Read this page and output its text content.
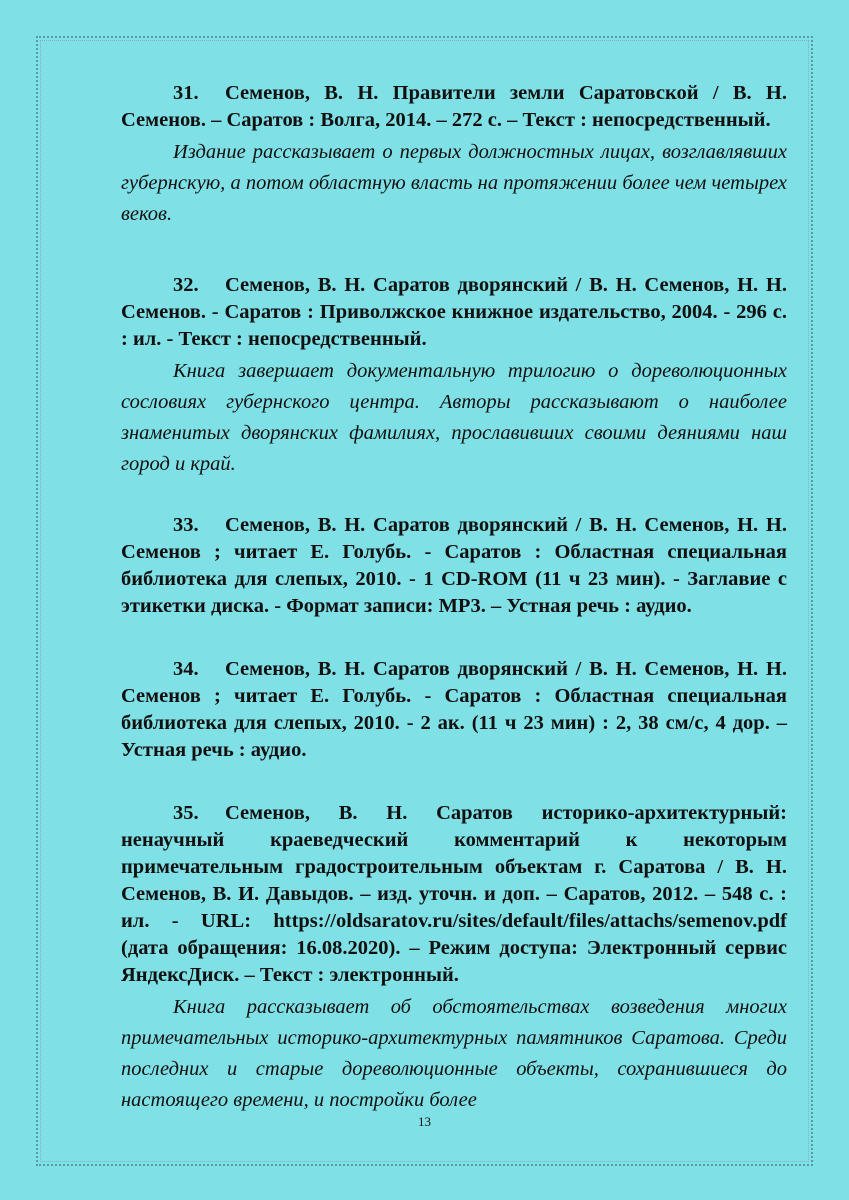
31. Семенов, В. Н. Правители земли Саратовской / В. Н. Семенов. – Саратов : Волга, 2014. – 272 с. – Текст : непосредственный.

Издание рассказывает о первых должностных лицах, возглавлявших губернскую, а потом областную власть на протяжении более чем четырех веков.

32. Семенов, В. Н. Саратов дворянский / В. Н. Семенов, Н. Н. Семенов. - Саратов : Приволжское книжное издательство, 2004. - 296 с. : ил. - Текст : непосредственный.

Книга завершает документальную трилогию о дореволюционных сословиях губернского центра. Авторы рассказывают о наиболее знаменитых дворянских фамилиях, прославивших своими деяниями наш город и край.

33. Семенов, В. Н. Саратов дворянский / В. Н. Семенов, Н. Н. Семенов ; читает Е. Голубь. - Саратов : Областная специальная библиотека для слепых, 2010. - 1 CD-ROM (11 ч 23 мин). - Заглавие с этикетки диска. - Формат записи: MP3. – Устная речь : аудио.

34. Семенов, В. Н. Саратов дворянский / В. Н. Семенов, Н. Н. Семенов ; читает Е. Голубь. - Саратов : Областная специальная библиотека для слепых, 2010. - 2 ак. (11 ч 23 мин) : 2, 38 см/с, 4 дор. – Устная речь : аудио.

35. Семенов, В. Н. Саратов историко-архитектурный: ненаучный краеведческий комментарий к некоторым примечательным градостроительным объектам г. Саратова / В. Н. Семенов, В. И. Давыдов. – изд. уточн. и доп. – Саратов, 2012. – 548 с. : ил. - URL: https://oldsaratov.ru/sites/default/files/attachs/semenov.pdf (дата обращения: 16.08.2020). – Режим доступа: Электронный сервис ЯндексДиск. – Текст : электронный.

Книга рассказывает об обстоятельствах возведения многих примечательных историко-архитектурных памятников Саратова. Среди последних и старые дореволюционные объекты, сохранившиеся до настоящего времени, и постройки более

13
